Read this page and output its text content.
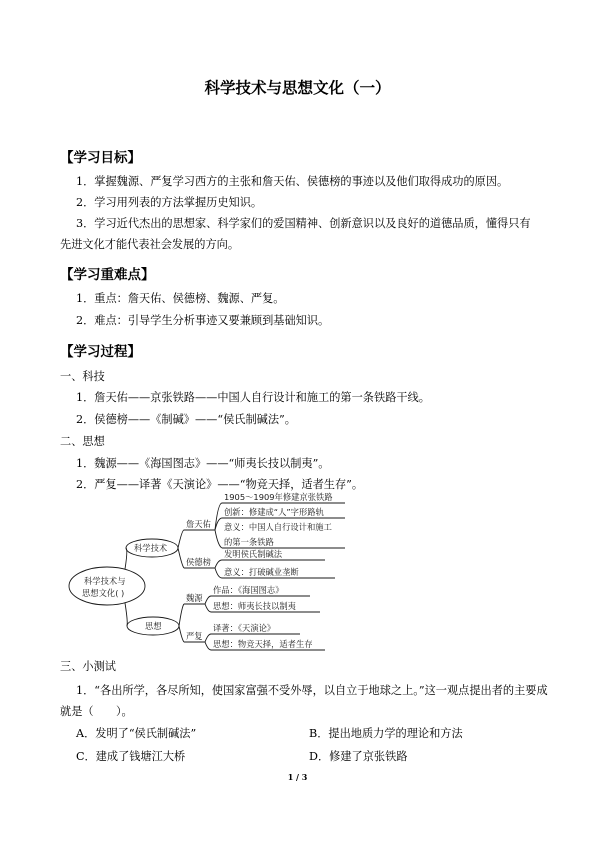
科学技术与思想文化（一）
【学习目标】
1．掌握魏源、严复学习西方的主张和詹天佑、侯德榜的事迹以及他们取得成功的原因。
2．学习用列表的方法掌握历史知识。
3．学习近代杰出的思想家、科学家们的爱国精神、创新意识以及良好的道德品质，懂得只有先进文化才能代表社会发展的方向。
【学习重难点】
1．重点：詹天佑、侯德榜、魏源、严复。
2．难点：引导学生分析事迹又要兼顾到基础知识。
【学习过程】
一、科技
1．詹天佑——京张铁路——中国人自行设计和施工的第一条铁路干线。
2．侯德榜——《制碱》——“侯氏制碱法”。
二、思想
1．魏源——《海国图志》——“师夷长技以制夷”。
2．严复——译著《天演论》——“物竞天择，适者生存”。
科学技术与
思想文化( )
科学技术
思想
詹天佑
侯德榜
魏源
严复
1905～1909年修建京张铁路
创新：修建成“人”字形路轨
意义：中国人自行设计和施工
的第一条铁路
发明侯氏制碱法
意义：打破碱业垄断
作品：《海国图志》
思想：师夷长技以制夷
译著：《天演论》
思想：物竞天择，适者生存
三、小测试
1．“各出所学，各尽所知，使国家富强不受外辱，以自立于地球之上。”这一观点提出者的主要成就是（　　）。
A．发明了“侯氏制碱法”	B．提出地质力学的理论和方法
C．建成了钱塘江大桥	D．修建了京张铁路
1 / 3
